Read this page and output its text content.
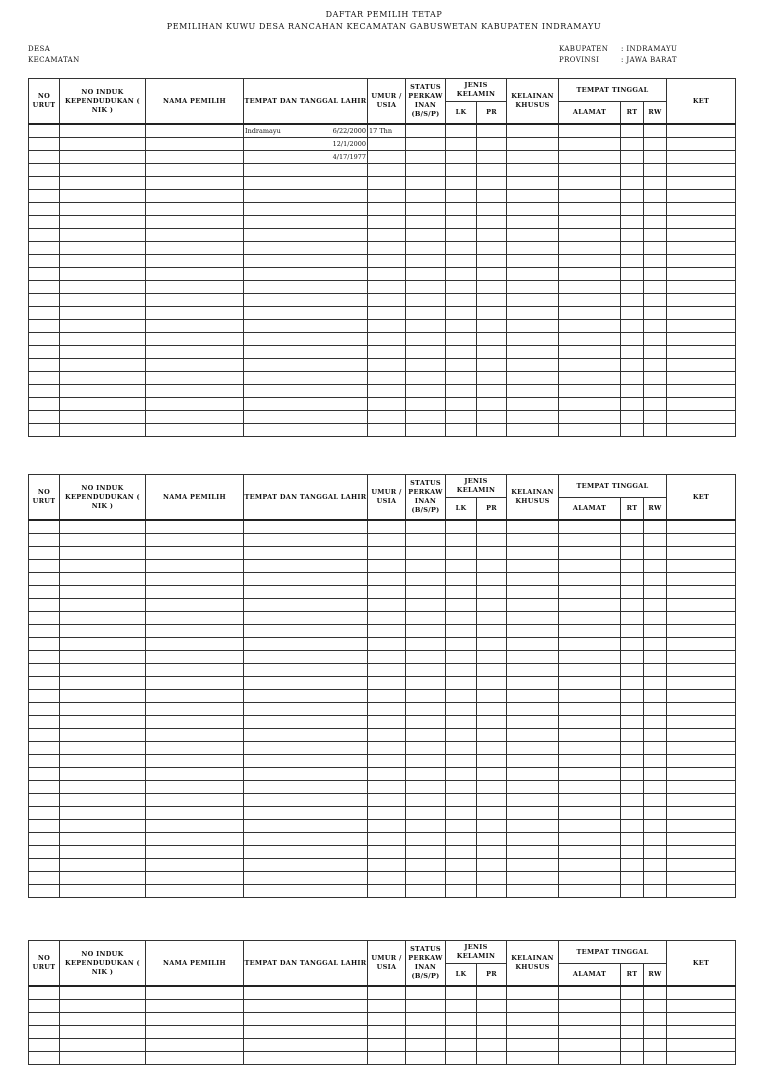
DAFTAR PEMILIH TETAP
PEMILIHAN KUWU DESA RANCAHAN KECAMATAN GABUSWETAN KABUPATEN INDRAMAYU
DESA
KECAMATAN
KABUPATEN : INDRAMAYU
PROVINSI	: JAWA BARAT
NO URUT	NO INDUK KEPENDUDUKAN ( NIK )	NAMA PEMILIH	TEMPAT DAN TANGGAL LAHIR	UMUR / USIA	STATUS PERKAW INAN (B/S/P)	JENIS KELAMIN		KELAINAN KHUSUS	TEMPAT TINGGAL			KET
						LK	PR		ALAMAT	RT	RW	

			Indramayu 6/22/2000	17 Thn								

			12/1/2000									

			4/17/1977									

NO URUT	NO INDUK KEPENDUDUKAN ( NIK )	NAMA PEMILIH	TEMPAT DAN TANGGAL LAHIR	UMUR / USIA	STATUS PERKAW INAN (B/S/P)	JENIS KELAMIN		KELAINAN KHUSUS	TEMPAT TINGGAL			KET
						LK	PR		ALAMAT	RT	RW	

NO URUT	NO INDUK KEPENDUDUKAN ( NIK )	NAMA PEMILIH	TEMPAT DAN TANGGAL LAHIR	UMUR / USIA	STATUS PERKAW INAN (B/S/P)	JENIS KELAMIN		KELAINAN KHUSUS	TEMPAT TINGGAL			KET
						LK	PR		ALAMAT	RT	RW	
